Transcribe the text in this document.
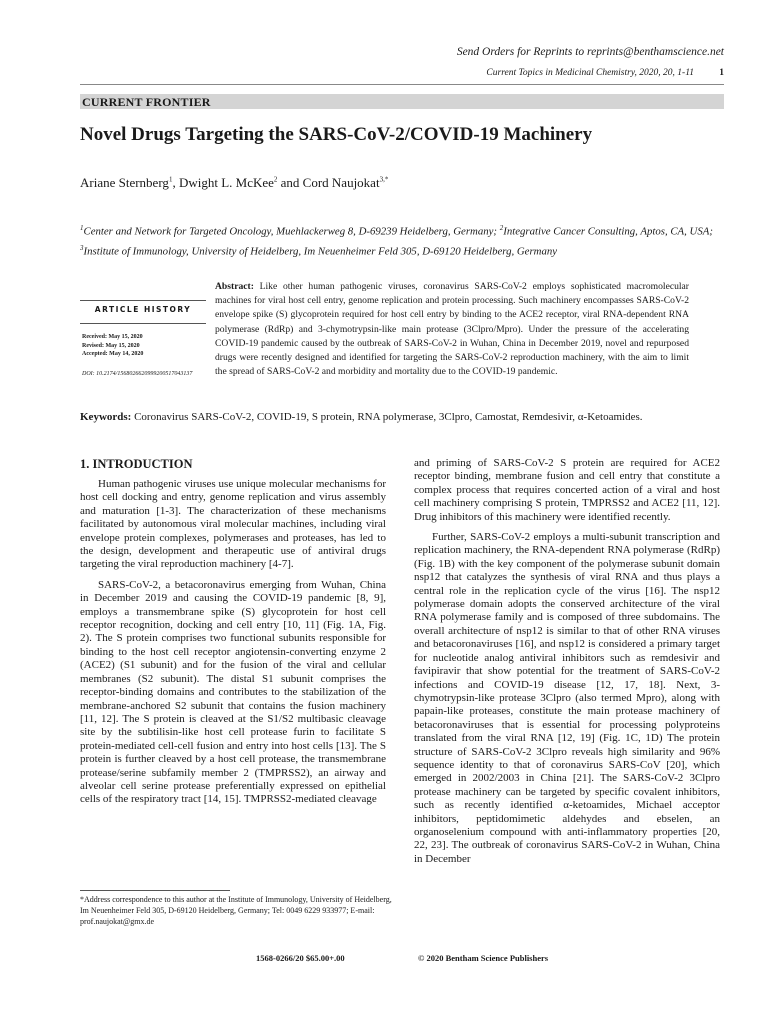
Send Orders for Reprints to reprints@benthamscience.net
Current Topics in Medicinal Chemistry, 2020, 20, 1-11	1
CURRENT FRONTIER
Novel Drugs Targeting the SARS-CoV-2/COVID-19 Machinery
Ariane Sternberg$^1$, Dwight L. McKee$^2$ and Cord Naujokat$^{3,*}$
$^1$Center and Network for Targeted Oncology, Muehlackerweg 8, D-69239 Heidelberg, Germany; $^2$Integrative Cancer Consulting, Aptos, CA, USA; $^3$Institute of Immunology, University of Heidelberg, Im Neuenheimer Feld 305, D-69120 Heidelberg, Germany
ARTICLE HISTORY
Received: May 15, 2020
Revised: May 15, 2020
Accepted: May 14, 2020
DOI: 10.2174/1568026620999200517043137
Abstract: Like other human pathogenic viruses, coronavirus SARS-CoV-2 employs sophisticated macromolecular machines for viral host cell entry, genome replication and protein processing. Such machinery encompasses SARS-CoV-2 envelope spike (S) glycoprotein required for host cell entry by binding to the ACE2 receptor, viral RNA-dependent RNA polymerase (RdRp) and 3-chymotrypsin-like main protease (3Clpro/Mpro). Under the pressure of the accelerating COVID-19 pandemic caused by the outbreak of SARS-CoV-2 in Wuhan, China in December 2019, novel and repurposed drugs were recently designed and identified for targeting the SARS-CoV-2 reproduction machinery, with the aim to limit the spread of SARS-CoV-2 and morbidity and mortality due to the COVID-19 pandemic.
Keywords: Coronavirus SARS-CoV-2, COVID-19, S protein, RNA polymerase, 3Clpro, Camostat, Remdesivir, α-Ketoamides.
1. INTRODUCTION

Human pathogenic viruses use unique molecular mechanisms for host cell docking and entry, genome replication and virus assembly and maturation [1-3]. The characterization of these mechanisms facilitated by autonomous viral molecular machines, including viral envelope protein complexes, polymerases and proteases, has led to the design, development and therapeutic use of antiviral drugs targeting the viral reproduction machinery [4-7].

SARS-CoV-2, a betacoronavirus emerging from Wuhan, China in December 2019 and causing the COVID-19 pandemic [8, 9], employs a transmembrane spike (S) glycoprotein for host cell receptor recognition, docking and cell entry [10, 11] (Fig. 1A, Fig. 2). The S protein comprises two functional subunits responsible for binding to the host cell receptor angiotensin-converting enzyme 2 (ACE2) (S1 subunit) and for the fusion of the viral and cellular membranes (S2 subunit). The distal S1 subunit comprises the receptor-binding domains and contributes to the stabilization of the membrane-anchored S2 subunit that contains the fusion machinery [11, 12]. The S protein is cleaved at the S1/S2 multibasic cleavage site by the subtilisin-like host cell protease furin to facilitate S protein-mediated cell-cell fusion and entry into host cells [13]. The S protein is further cleaved by a host cell protease, the transmembrane protease/serine subfamily member 2 (TMPRSS2), an airway and alveolar cell serine protease preferentially expressed on epithelial cells of the respiratory tract [14, 15]. TMPRSS2-mediated cleavage

and priming of SARS-CoV-2 S protein are required for ACE2 receptor binding, membrane fusion and cell entry that constitute a complex process that requires concerted action of a viral and host cell machinery comprising S protein, TMPRSS2 and ACE2 [11, 12]. Drug inhibitors of this machinery were identified recently.

Further, SARS-CoV-2 employs a multi-subunit transcription and replication machinery, the RNA-dependent RNA polymerase (RdRp) (Fig. 1B) with the key component of the polymerase subunit domain nsp12 that catalyzes the synthesis of viral RNA and thus plays a central role in the replication cycle of the virus [16]. The nsp12 polymerase domain adopts the conserved architecture of the viral RNA polymerase family and is composed of three subdomains. The overall architecture of nsp12 is similar to that of other RNA viruses and betacoronaviruses [16], and nsp12 is considered a primary target for nucleotide analog antiviral inhibitors such as remdesivir and favipiravir that show potential for the treatment of SARS-CoV-2 infections and COVID-19 disease [12, 17, 18]. Next, 3-chymotrypsin-like protease 3Clpro (also termed Mpro), along with papain-like proteases, constitute the main protease machinery of betacoronaviruses that is essential for processing polyproteins translated from the viral RNA [12, 19] (Fig. 1C, 1D) The protein structure of SARS-CoV-2 3Clpro reveals high similarity and 96% sequence identity to that of coronavirus SARS-CoV [20], which emerged in 2002/2003 in China [21]. The SARS-CoV-2 3Clpro protease machinery can be targeted by specific covalent inhibitors, such as recently identified α-ketoamides, Michael acceptor inhibitors, peptidomimetic aldehydes and ebselen, an organoselenium compound with anti-inflammatory properties [20, 22, 23]. The outbreak of coronavirus SARS-CoV-2 in Wuhan, China in December

*Address correspondence to this author at the Institute of Immunology, University of Heidelberg, Im Neuenheimer Feld 305, D-69120 Heidelberg, Germany; Tel: 0049 6229 933977; E-mail: prof.naujokat@gmx.de
1568-0266/20 $65.00+.00	© 2020 Bentham Science Publishers
